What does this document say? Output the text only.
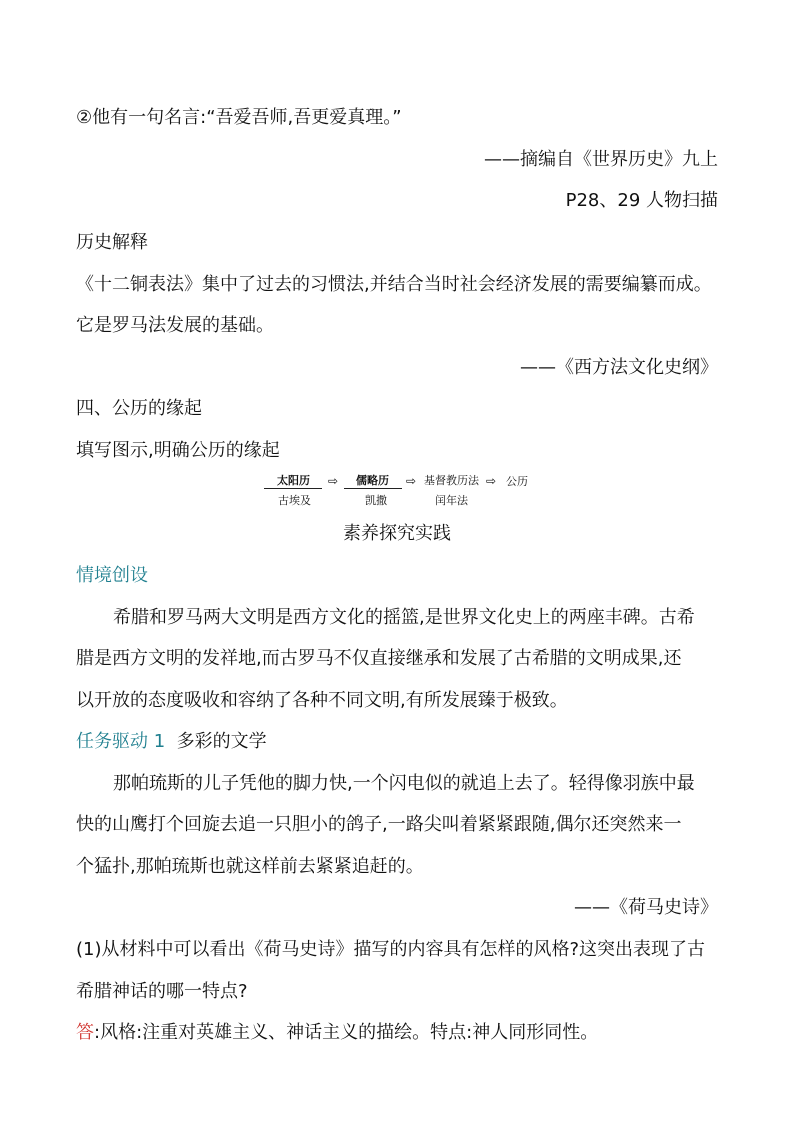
②他有一句名言:“吾爱吾师,吾更爱真理。”
——摘编自《世界历史》九上
P28、29 人物扫描
历史解释
《十二铜表法》集中了过去的习惯法,并结合当时社会经济发展的需要编纂而成。
它是罗马法发展的基础。
——《西方法文化史纲》
四、公历的缘起
填写图示,明确公历的缘起
太阳历
古埃及
⇨ 儒略历
凯撒
⇨ 基督教历法
闰年法
⇨ 公历
素养探究实践
情境创设
希腊和罗马两大文明是西方文化的摇篮,是世界文化史上的两座丰碑。古希
腊是西方文明的发祥地,而古罗马不仅直接继承和发展了古希腊的文明成果,还
以开放的态度吸收和容纳了各种不同文明,有所发展臻于极致。
任务驱动 1 多彩的文学
那帕琉斯的儿子凭他的脚力快,一个闪电似的就追上去了。轻得像羽族中最
快的山鹰打个回旋去追一只胆小的鸽子,一路尖叫着紧紧跟随,偶尔还突然来一
个猛扑,那帕琉斯也就这样前去紧紧追赶的。
——《荷马史诗》
(1)从材料中可以看出《荷马史诗》描写的内容具有怎样的风格?这突出表现了古
希腊神话的哪一特点?
答:风格:注重对英雄主义、神话主义的描绘。特点:神人同形同性。
